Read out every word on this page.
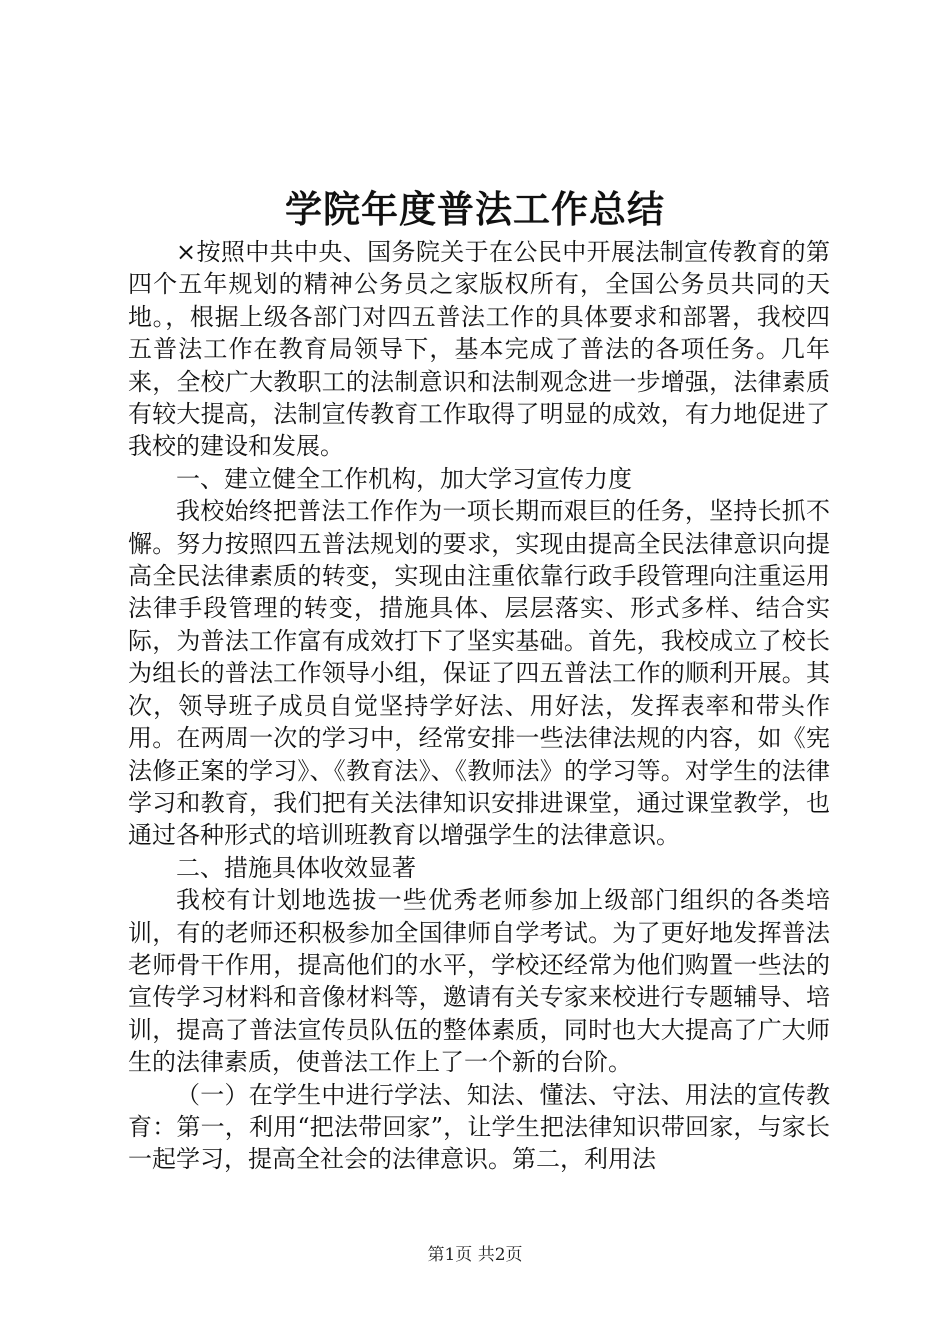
学院年度普法工作总结

×按照中共中央、国务院关于在公民中开展法制宣传教育的第四个五年规划的精神公务员之家版权所有，全国公务员共同的天地。，根据上级各部门对四五普法工作的具体要求和部署，我校四五普法工作在教育局领导下，基本完成了普法的各项任务。几年来，全校广大教职工的法制意识和法制观念进一步增强，法律素质有较大提高，法制宣传教育工作取得了明显的成效，有力地促进了我校的建设和发展。

一、建立健全工作机构，加大学习宣传力度

我校始终把普法工作作为一项长期而艰巨的任务，坚持长抓不懈。努力按照四五普法规划的要求，实现由提高全民法律意识向提高全民法律素质的转变，实现由注重依靠行政手段管理向注重运用法律手段管理的转变，措施具体、层层落实、形式多样、结合实际，为普法工作富有成效打下了坚实基础。首先，我校成立了校长为组长的普法工作领导小组，保证了四五普法工作的顺利开展。其次，领导班子成员自觉坚持学好法、用好法，发挥表率和带头作用。在两周一次的学习中，经常安排一些法律法规的内容，如《宪法修正案的学习》、《教育法》、《教师法》的学习等。对学生的法律学习和教育，我们把有关法律知识安排进课堂，通过课堂教学，也通过各种形式的培训班教育以增强学生的法律意识。

二、措施具体收效显著

我校有计划地选拔一些优秀老师参加上级部门组织的各类培训，有的老师还积极参加全国律师自学考试。为了更好地发挥普法老师骨干作用，提高他们的水平，学校还经常为他们购置一些法的宣传学习材料和音像材料等，邀请有关专家来校进行专题辅导、培训，提高了普法宣传员队伍的整体素质，同时也大大提高了广大师生的法律素质，使普法工作上了一个新的台阶。

（一）在学生中进行学法、知法、懂法、守法、用法的宣传教育：第一，利用“把法带回家”，让学生把法律知识带回家，与家长一起学习，提高全社会的法律意识。第二，利用法

第1页 共2页
